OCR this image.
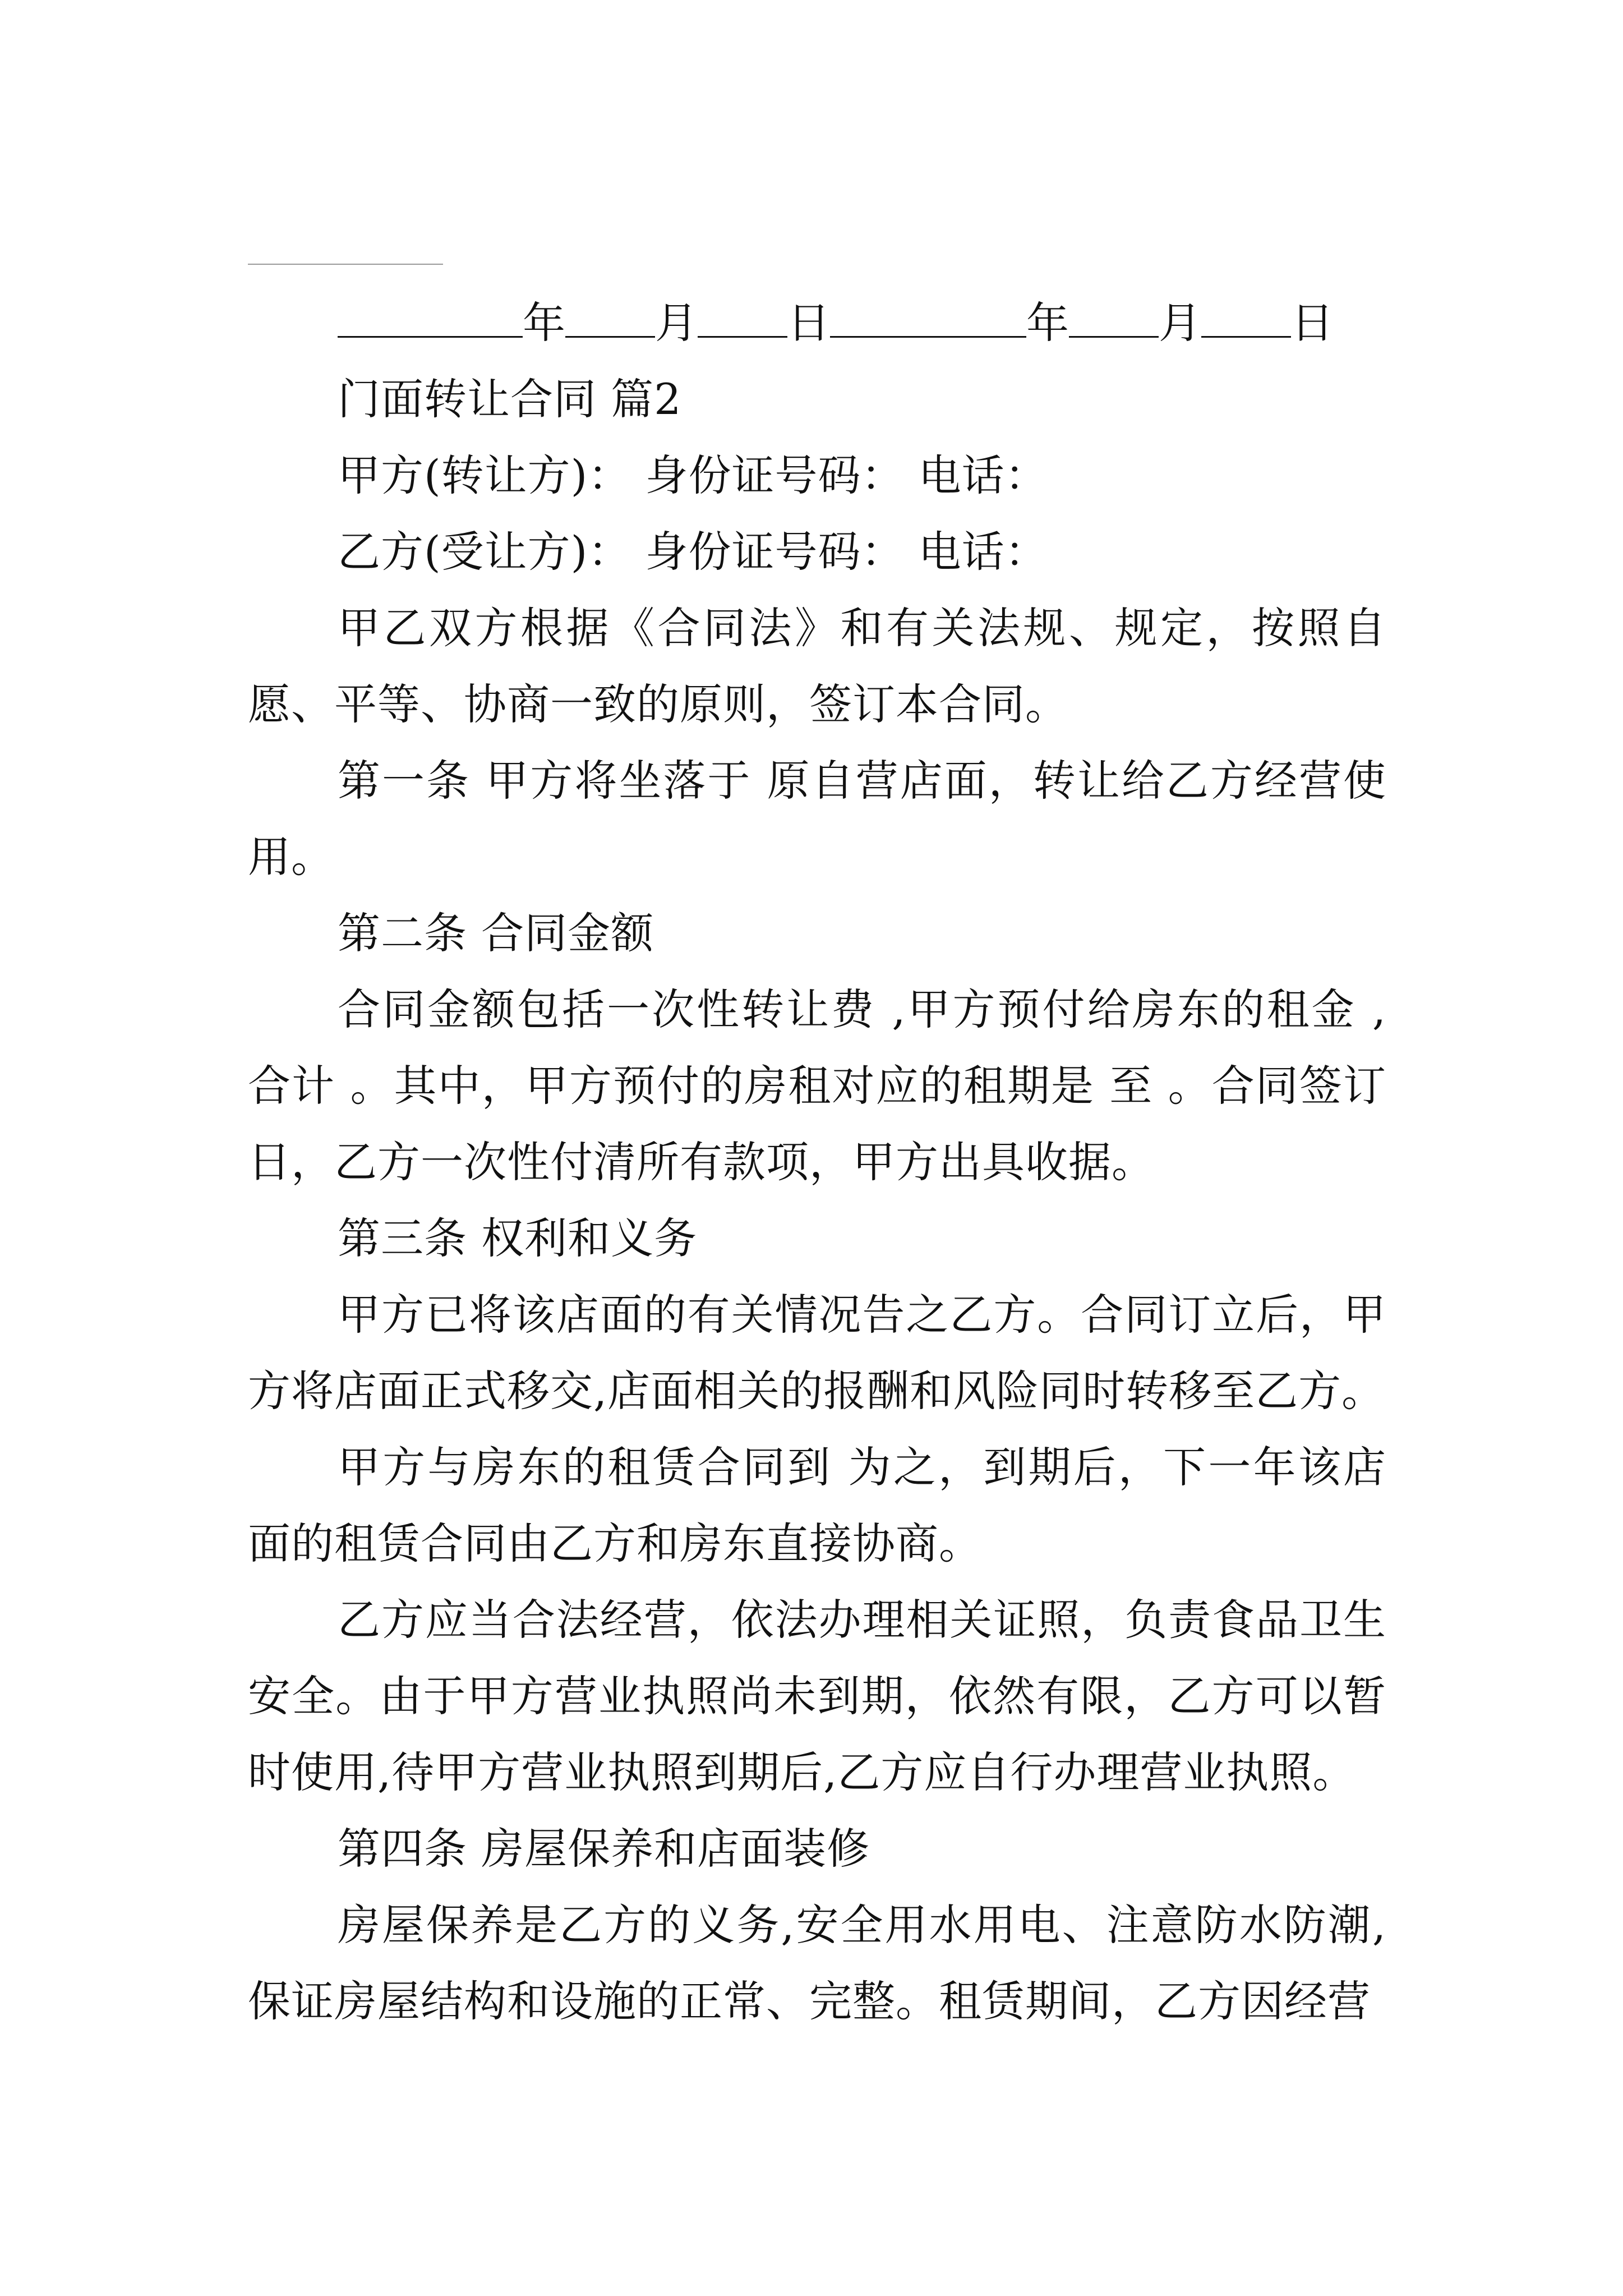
年 月 日	年 月 日

门面转让合同 篇2

甲方(转让方)： 身份证号码： 电话：

乙方(受让方)： 身份证号码： 电话：

甲乙双方根据《合同法》和有关法规、规定，按照自愿、平等、协商一致的原则，签订本合同。

第一条 甲方将坐落于 原自营店面，转让给乙方经营使用。

第二条 合同金额

合同金额包括一次性转让费 ,甲方预付给房东的租金 ,合计 。其中，甲方预付的房租对应的租期是 至 。合同签订日，乙方一次性付清所有款项，甲方出具收据。

第三条 权利和义务

甲方已将该店面的有关情况告之乙方。合同订立后，甲方将店面正式移交,店面相关的报酬和风险同时转移至乙方。

甲方与房东的租赁合同到 为之，到期后，下一年该店面的租赁合同由乙方和房东直接协商。

乙方应当合法经营，依法办理相关证照，负责食品卫生安全。由于甲方营业执照尚未到期，依然有限，乙方可以暂时使用,待甲方营业执照到期后,乙方应自行办理营业执照。

第四条 房屋保养和店面装修

房屋保养是乙方的义务,安全用水用电、注意防水防潮,保证房屋结构和设施的正常、完整。租赁期间，乙方因经营
